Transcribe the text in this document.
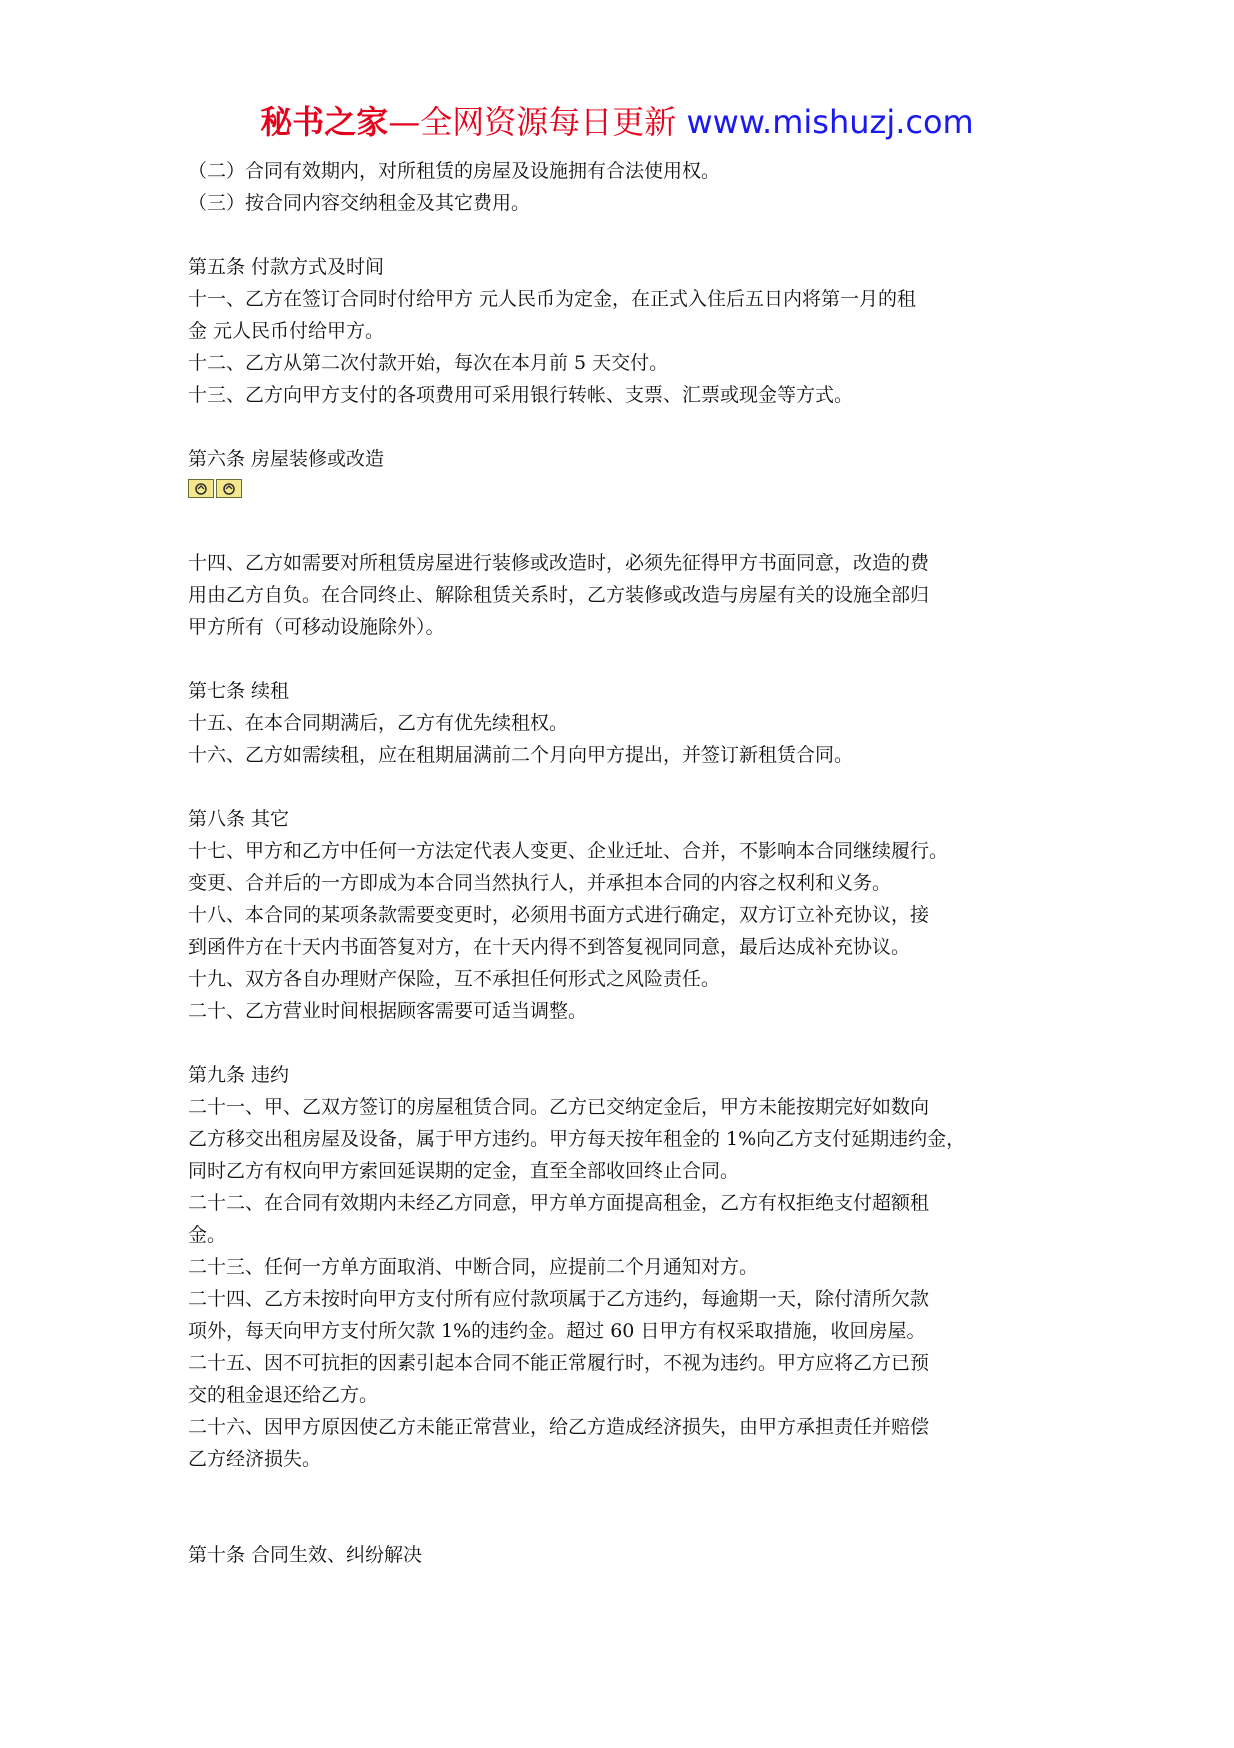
秘书之家—全网资源每日更新 www.mishuzj.com
（二）合同有效期内，对所租赁的房屋及设施拥有合法使用权。
（三）按合同内容交纳租金及其它费用。
第五条 付款方式及时间
十一、乙方在签订合同时付给甲方 元人民币为定金，在正式入住后五日内将第一月的租
金 元人民币付给甲方。
十二、乙方从第二次付款开始，每次在本月前 5 天交付。
十三、乙方向甲方支付的各项费用可采用银行转帐、支票、汇票或现金等方式。
第六条 房屋装修或改造
十四、乙方如需要对所租赁房屋进行装修或改造时，必须先征得甲方书面同意，改造的费
用由乙方自负。在合同终止、解除租赁关系时，乙方装修或改造与房屋有关的设施全部归
甲方所有（可移动设施除外）。
第七条 续租
十五、在本合同期满后，乙方有优先续租权。
十六、乙方如需续租，应在租期届满前二个月向甲方提出，并签订新租赁合同。
第八条 其它
十七、甲方和乙方中任何一方法定代表人变更、企业迁址、合并，不影响本合同继续履行。
变更、合并后的一方即成为本合同当然执行人，并承担本合同的内容之权利和义务。
十八、本合同的某项条款需要变更时，必须用书面方式进行确定，双方订立补充协议，接
到函件方在十天内书面答复对方，在十天内得不到答复视同同意，最后达成补充协议。
十九、双方各自办理财产保险，互不承担任何形式之风险责任。
二十、乙方营业时间根据顾客需要可适当调整。
第九条 违约
二十一、甲、乙双方签订的房屋租赁合同。乙方已交纳定金后，甲方未能按期完好如数向
乙方移交出租房屋及设备，属于甲方违约。甲方每天按年租金的 1%向乙方支付延期违约金，
同时乙方有权向甲方索回延误期的定金，直至全部收回终止合同。
二十二、在合同有效期内未经乙方同意，甲方单方面提高租金，乙方有权拒绝支付超额租
金。
二十三、任何一方单方面取消、中断合同，应提前二个月通知对方。
二十四、乙方未按时向甲方支付所有应付款项属于乙方违约，每逾期一天，除付清所欠款
项外，每天向甲方支付所欠款 1%的违约金。超过 60 日甲方有权采取措施，收回房屋。
二十五、因不可抗拒的因素引起本合同不能正常履行时，不视为违约。甲方应将乙方已预
交的租金退还给乙方。
二十六、因甲方原因使乙方未能正常营业，给乙方造成经济损失，由甲方承担责任并赔偿
乙方经济损失。
第十条 合同生效、纠纷解决
